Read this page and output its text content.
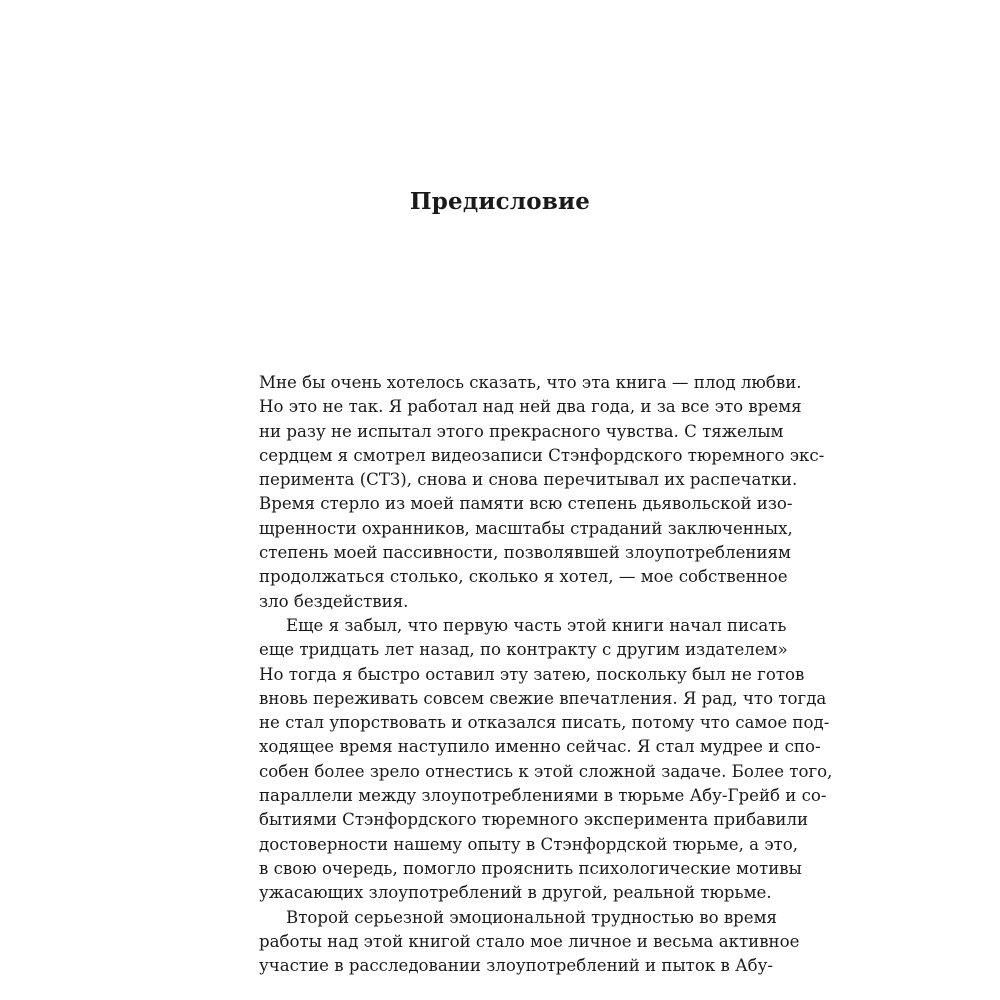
Предисловие
Мне бы очень хотелось сказать, что эта книга — плод любви.
Но это не так. Я работал над ней два года, и за все это время
ни разу не испытал этого прекрасного чувства. С тяжелым
сердцем я смотрел видеозаписи Стэнфордского тюремного экс-
перимента (СТЗ), снова и снова перечитывал их распечатки.
Время стерло из моей памяти всю степень дьявольской изо-
щренности охранников, масштабы страданий заключенных,
степень моей пассивности, позволявшей злоупотреблениям
продолжаться столько, сколько я хотел, — мое собственное
зло бездействия.
Еще я забыл, что первую часть этой книги начал писать
еще тридцать лет назад, по контракту с другим издателем»
Но тогда я быстро оставил эту затею, поскольку был не готов
вновь переживать совсем свежие впечатления. Я рад, что тогда
не стал упорствовать и отказался писать, потому что самое под-
ходящее время наступило именно сейчас. Я стал мудрее и спо-
собен более зрело отнестись к этой сложной задаче. Более того,
параллели между злоупотреблениями в тюрьме Абу-Грейб и со-
бытиями Стэнфордского тюремного эксперимента прибавили
достоверности нашему опыту в Стэнфордской тюрьме, а это,
в свою очередь, помогло прояснить психологические мотивы
ужасающих злоупотреблений в другой, реальной тюрьме.
Второй серьезной эмоциональной трудностью во время
работы над этой книгой стало мое личное и весьма активное
участие в расследовании злоупотреблений и пыток в Абу-
